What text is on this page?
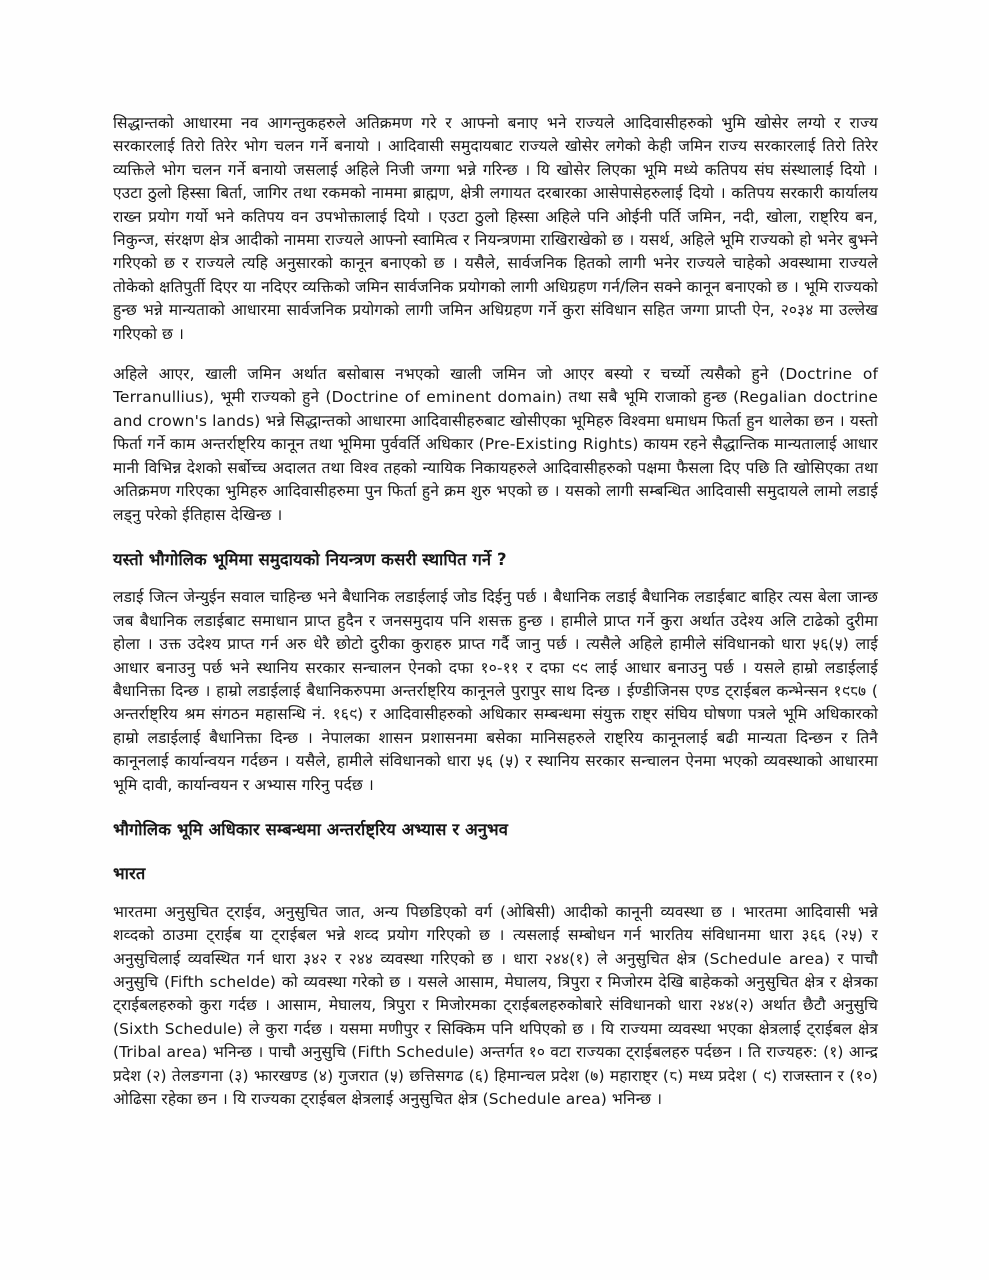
सिद्धान्तको आधारमा नव आगन्तुकहरुले अतिक्रमण गरे र आफ्नो बनाए भने राज्यले आदिवासीहरुको भुमि खोसेर लग्यो र राज्य सरकारलाई तिरो तिरेर भोग चलन गर्ने बनायो । आदिवासी समुदायबाट राज्यले खोसेर लगेको केही जमिन राज्य सरकारलाई तिरो तिरेर व्यक्तिले भोग चलन गर्ने बनायो जसलाई अहिले निजी जग्गा भन्ने गरिन्छ । यि खोसेर लिएका भूमि मध्ये कतिपय संघ संस्थालाई दियो । एउटा ठुलो हिस्सा बिर्ता, जागिर तथा रकमको नाममा ब्राह्मण, क्षेत्री लगायत दरबारका आसेपासेहरुलाई दियो । कतिपय सरकारी कार्यालय राख्न प्रयोग गर्यो भने कतिपय वन उपभोक्तालाई दियो । एउटा ठुलो हिस्सा अहिले पनि ओईनी पर्ति जमिन, नदी, खोला, राष्ट्रिय बन, निकुन्ज, संरक्षण क्षेत्र आदीको नाममा राज्यले आफ्नो स्वामित्व र नियन्त्रणमा राखिराखेको छ । यसर्थ, अहिले भूमि राज्यको हो भनेर बुझ्ने गरिएको छ र राज्यले त्यहि अनुसारको कानून बनाएको छ । यसैले, सार्वजनिक हितको लागी भनेर राज्यले चाहेको अवस्थामा राज्यले तोकेको क्षतिपुर्ती दिएर या नदिएर व्यक्तिको जमिन सार्वजनिक प्रयोगको लागी अधिग्रहण गर्न/लिन सक्ने कानून बनाएको छ । भूमि राज्यको हुन्छ भन्ने मान्यताको आधारमा सार्वजनिक प्रयोगको लागी जमिन अधिग्रहण गर्ने कुरा संविधान सहित जग्गा प्राप्ती ऐन, २०३४ मा उल्लेख गरिएको छ ।

अहिले आएर, खाली जमिन अर्थात बसोबास नभएको खाली जमिन जो आएर बस्यो र चर्च्यो त्यसैको हुने (Doctrine of Terranullius), भूमी राज्यको हुने (Doctrine of eminent domain) तथा सबै भूमि राजाको हुन्छ (Regalian doctrine and crown's lands) भन्ने सिद्धान्तको आधारमा आदिवासीहरुबाट खोसीएका भूमिहरु विश्वमा धमाधम फिर्ता हुन थालेका छन । यस्तो फिर्ता गर्ने काम अन्तर्राष्ट्रिय कानून तथा भूमिमा पुर्ववर्ति अधिकार (Pre-Existing Rights) कायम रहने सैद्धान्तिक मान्यतालाई आधार मानी विभिन्न देशको सर्बोच्च अदालत तथा विश्व तहको न्यायिक निकायहरुले आदिवासीहरुको पक्षमा फैसला दिए पछि ति खोसिएका तथा अतिक्रमण गरिएका भुमिहरु आदिवासीहरुमा पुन फिर्ता हुने क्रम शुरु भएको छ । यसको लागी सम्बन्धित आदिवासी समुदायले लामो लडाई लड्नु परेको ईतिहास देखिन्छ ।

यस्तो भौगोलिक भूमिमा समुदायको नियन्त्रण कसरी स्थापित गर्ने ?

लडाई जित्न जेन्युईन सवाल चाहिन्छ भने बैधानिक लडाईलाई जोड दिईनु पर्छ । बैधानिक लडाई बैधानिक लडाईबाट बाहिर त्यस बेला जान्छ जब बैधानिक लडाईबाट समाधान प्राप्त हुदैन र जनसमुदाय पनि शसक्त हुन्छ । हामीले प्राप्त गर्ने कुरा अर्थात उदेश्य अलि टाढेको दुरीमा होला । उक्त उदेश्य प्राप्त गर्न अरु धेरै छोटो दुरीका कुराहरु प्राप्त गर्दै जानु पर्छ । त्यसैले अहिले हामीले संविधानको धारा ५६(५) लाई आधार बनाउनु पर्छ भने स्थानिय सरकार सन्चालन ऐनको दफा १०-११ र दफा ९९ लाई आधार बनाउनु पर्छ । यसले हाम्रो लडाईलाई बैधानिक्ता दिन्छ । हाम्रो लडाईलाई बैधानिकरुपमा अन्तर्राष्ट्रिय कानूनले पुरापुर साथ दिन्छ । ईण्डीजिनस एण्ड ट्राईबल कन्भेन्सन १९८७ ( अन्तर्राष्ट्रिय श्रम संगठन महासन्धि नं. १६९) र आदिवासीहरुको अधिकार सम्बन्धमा संयुक्त राष्ट्र संघिय घोषणा पत्रले भूमि अधिकारको हाम्रो लडाईलाई बैधानिक्ता दिन्छ । नेपालका शासन प्रशासनमा बसेका मानिसहरुले राष्ट्रिय कानूनलाई बढी मान्यता दिन्छन र तिनै कानूनलाई कार्यान्वयन गर्दछन । यसैले, हामीले संविधानको धारा ५६ (५) र स्थानिय सरकार सन्चालन ऐनमा भएको व्यवस्थाको आधारमा भूमि दावी, कार्यान्वयन र अभ्यास गरिनु पर्दछ ।

भौगोलिक भूमि अधिकार सम्बन्धमा अन्तर्राष्ट्रिय अभ्यास र अनुभव
भारत

भारतमा अनुसुचित ट्राईव, अनुसुचित जात, अन्य पिछडिएको वर्ग (ओबिसी) आदीको कानूनी व्यवस्था छ । भारतमा आदिवासी भन्ने शव्दको ठाउमा ट्राईब या ट्राईबल भन्ने शव्द प्रयोग गरिएको छ । त्यसलाई सम्बोधन गर्न भारतिय संविधानमा धारा ३६६ (२५) र अनुसुचिलाई व्यवस्थित गर्न धारा ३४२ र २४४ व्यवस्था गरिएको छ । धारा २४४(१) ले अनुसुचित क्षेत्र (Schedule area) र पाचौ अनुसुचि (Fifth schelde) को व्यवस्था गरेको छ । यसले आसाम, मेघालय, त्रिपुरा र मिजोरम देखि बाहेकको अनुसुचित क्षेत्र र क्षेत्रका ट्राईबलहरुको कुरा गर्दछ । आसाम, मेघालय, त्रिपुरा र मिजोरमका ट्राईबलहरुकोबारे संविधानको धारा २४४(२) अर्थात छैटौ अनुसुचि (Sixth Schedule) ले कुरा गर्दछ । यसमा मणीपुर र सिक्किम पनि थपिएको छ । यि राज्यमा व्यवस्था भएका क्षेत्रलाई ट्राईबल क्षेत्र (Tribal area) भनिन्छ । पाचौ अनुसुचि (Fifth Schedule) अन्तर्गत १० वटा राज्यका ट्राईबलहरु पर्दछन । ति राज्यहरु: (१) आन्द्र प्रदेश (२) तेलङगना (३) झारखण्ड (४) गुजरात (५) छत्तिसगढ (६) हिमान्चल प्रदेश (७) महाराष्ट्र (८) मध्य प्रदेश ( ९) राजस्तान र (१०) ओढिसा रहेका छन । यि राज्यका ट्राईबल क्षेत्रलाई अनुसुचित क्षेत्र (Schedule area) भनिन्छ ।
